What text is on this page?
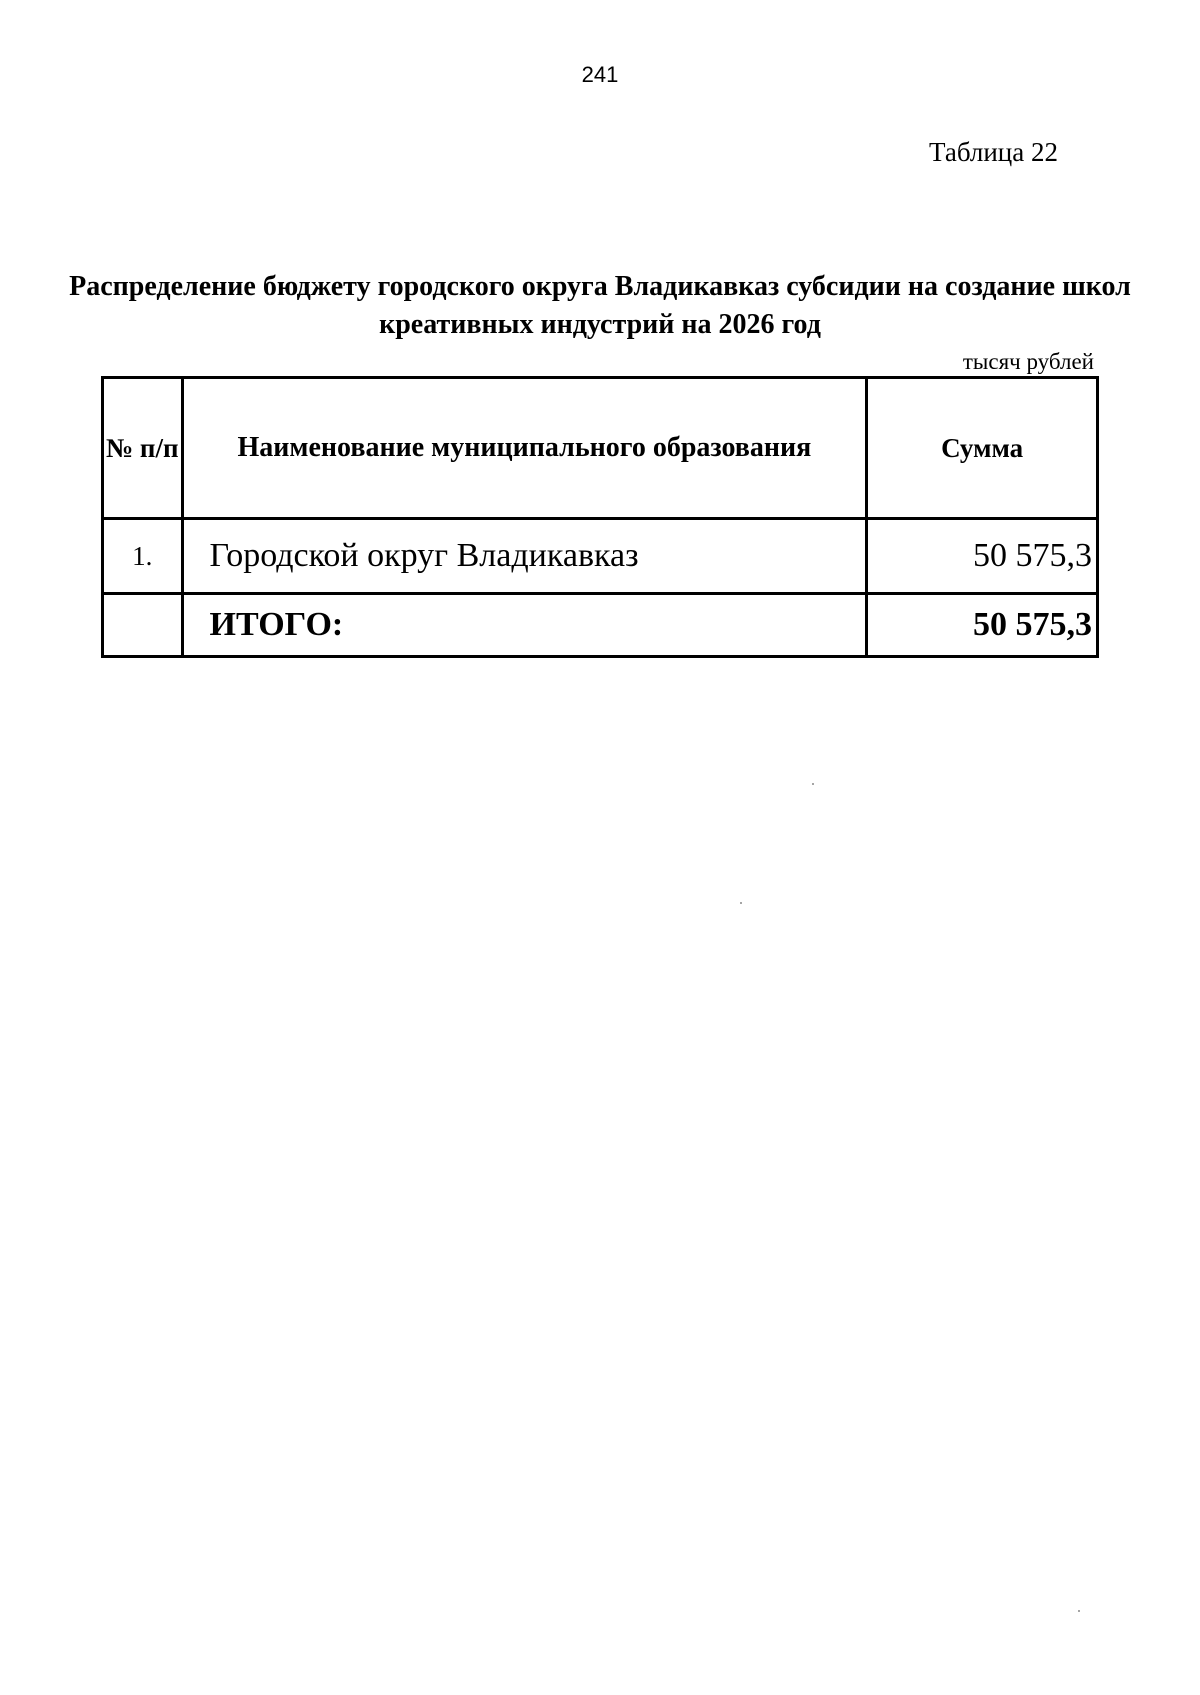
241
Таблица 22
Распределение бюджету городского округа Владикавказ субсидии на создание школ креативных индустрий на 2026 год
тысяч рублей
№ п/п	Наименование муниципального образования	Сумма
1.	Городской округ Владикавказ	50 575,3
	ИТОГО:	50 575,3
